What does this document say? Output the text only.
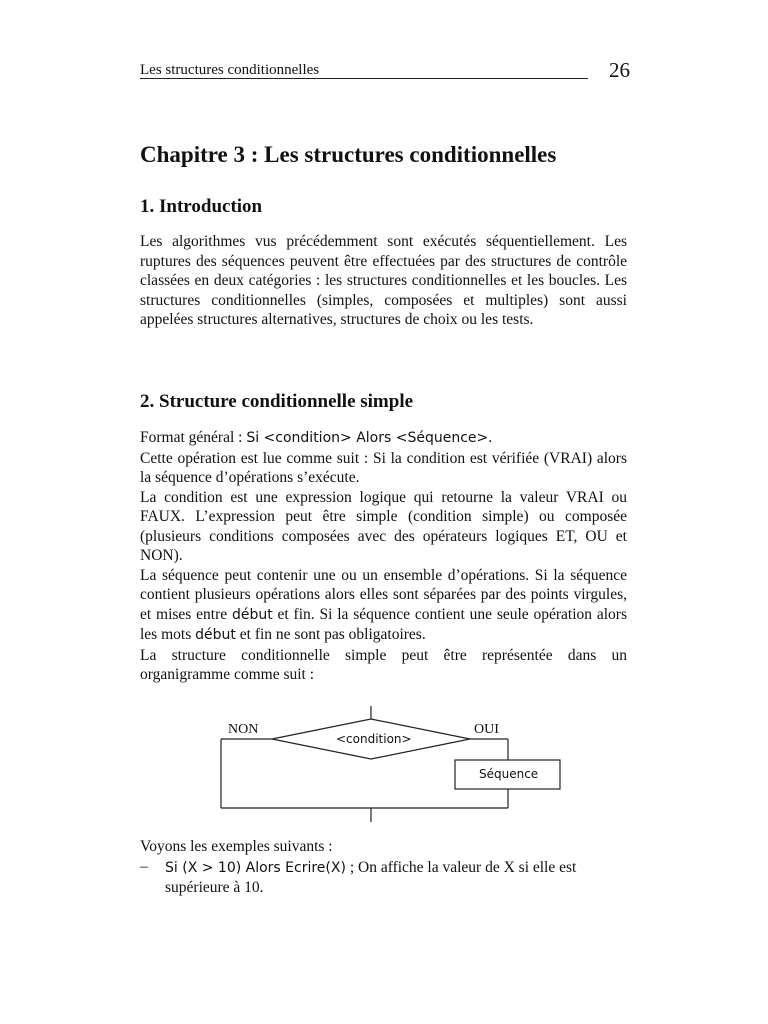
Les structures conditionnelles	26
Chapitre 3 : Les structures conditionnelles
1. Introduction

Les algorithmes vus précédemment sont exécutés séquentiellement. Les ruptures des séquences peuvent être effectuées par des structures de contrôle classées en deux catégories : les structures conditionnelles et les boucles. Les structures conditionnelles (simples, composées et multiples) sont aussi appelées structures alternatives, structures de choix ou les tests.

2. Structure conditionnelle simple
Format général : Si <condition> Alors <Séquence>.
Cette opération est lue comme suit : Si la condition est vérifiée (VRAI) alors la séquence d’opérations s’exécute.
La condition est une expression logique qui retourne la valeur VRAI ou FAUX. L’expression peut être simple (condition simple) ou composée (plusieurs conditions composées avec des opérateurs logiques ET, OU et NON).
La séquence peut contenir une ou un ensemble d’opérations. Si la séquence contient plusieurs opérations alors elles sont séparées par des points virgules, et mises entre début et fin. Si la séquence contient une seule opération alors les mots début et fin ne sont pas obligatoires.
La structure conditionnelle simple peut être représentée dans un organigramme comme suit :
NON	OUI
<condition>
Séquence

Voyons les exemples suivants :

– Si (X > 10) Alors Ecrire(X) ; On affiche la valeur de X si elle est supérieure à 10.
